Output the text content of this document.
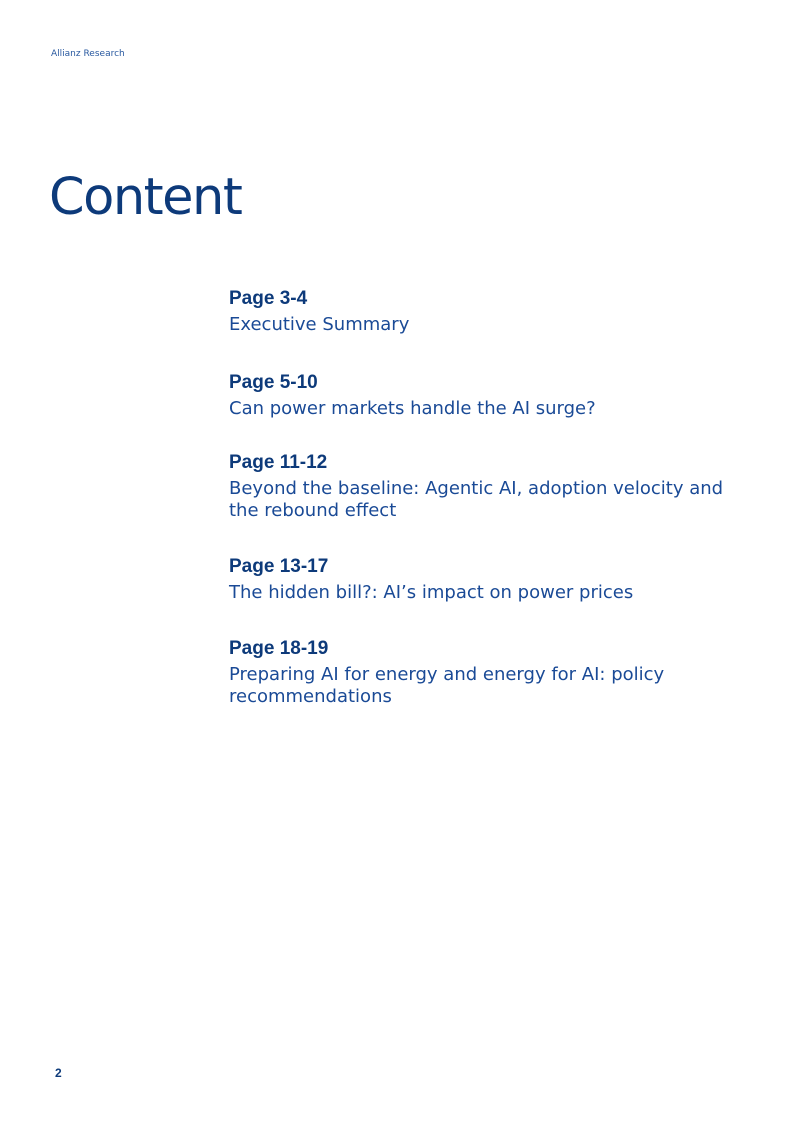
Allianz Research
Content
Page 3-4
Executive Summary
Page 5-10
Can power markets handle the AI surge?
Page 11-12
Beyond the baseline: Agentic AI, adoption velocity and the rebound effect
Page 13-17
The hidden bill?: AI’s impact on power prices
Page 18-19
Preparing AI for energy and energy for AI: policy recommendations
2
